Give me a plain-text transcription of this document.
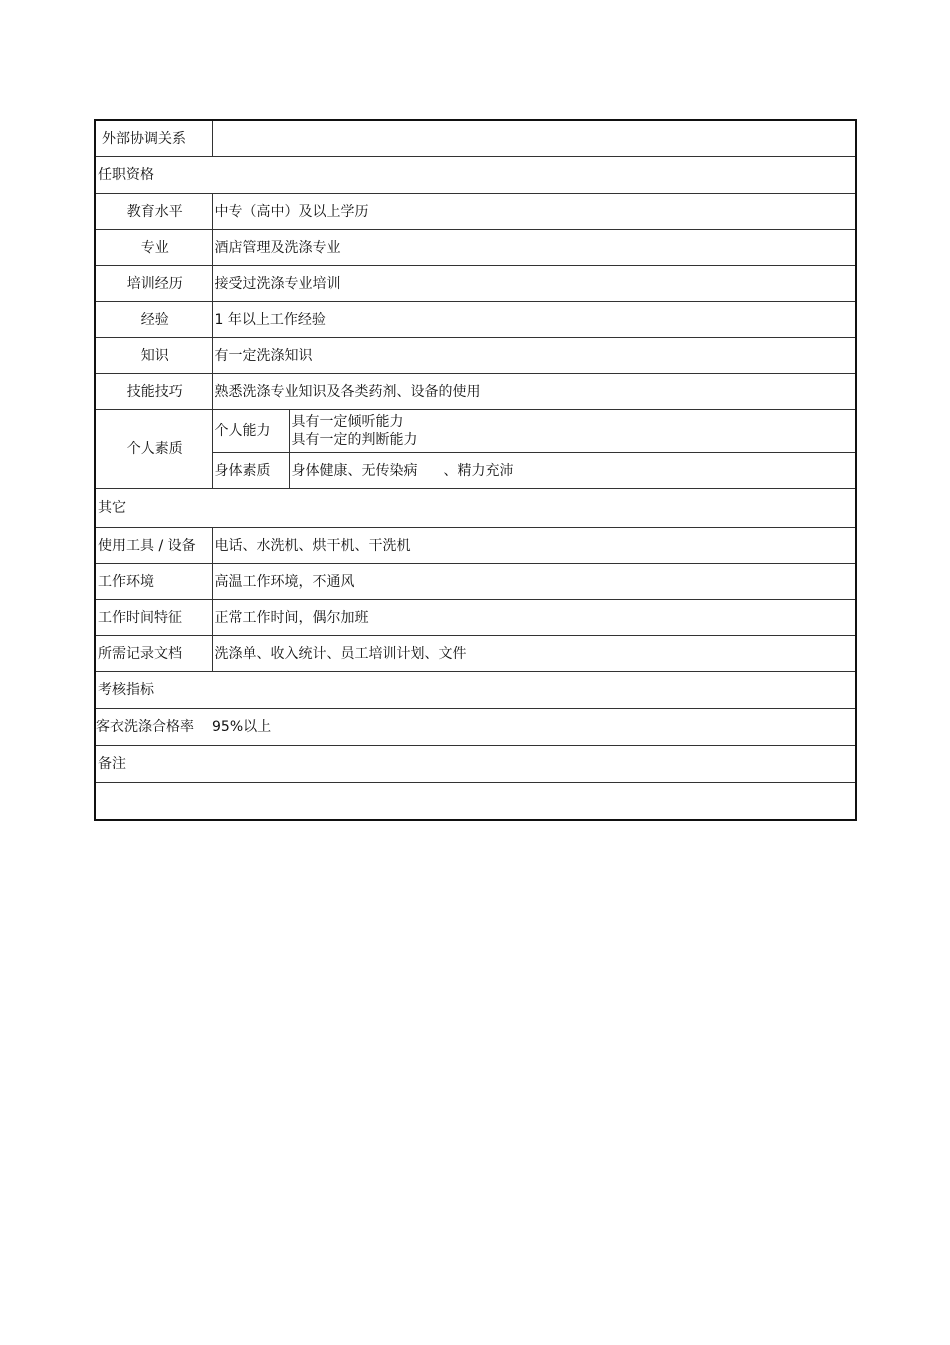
外部协调关系		
任职资格		
教育水平	中专（高中）及以上学历	
专业	酒店管理及洗涤专业	
培训经历	接受过洗涤专业培训	
经验	1 年以上工作经验	
知识	有一定洗涤知识	
技能技巧	熟悉洗涤专业知识及各类药剂、设备的使用	
个人素质	个人能力	具有一定倾听能力
具有一定的判断能力

	身体素质	身体健康、无传染病 、精力充沛
其它		
使用工具 / 设备	电话、水洗机、烘干机、干洗机	
工作环境	高温工作环境，不通风	
工作时间特征	正常工作时间，偶尔加班	
所需记录文档	洗涤单、收入统计、员工培训计划、文件	
考核指标		
客衣洗涤合格率 95%以上		
备注		
